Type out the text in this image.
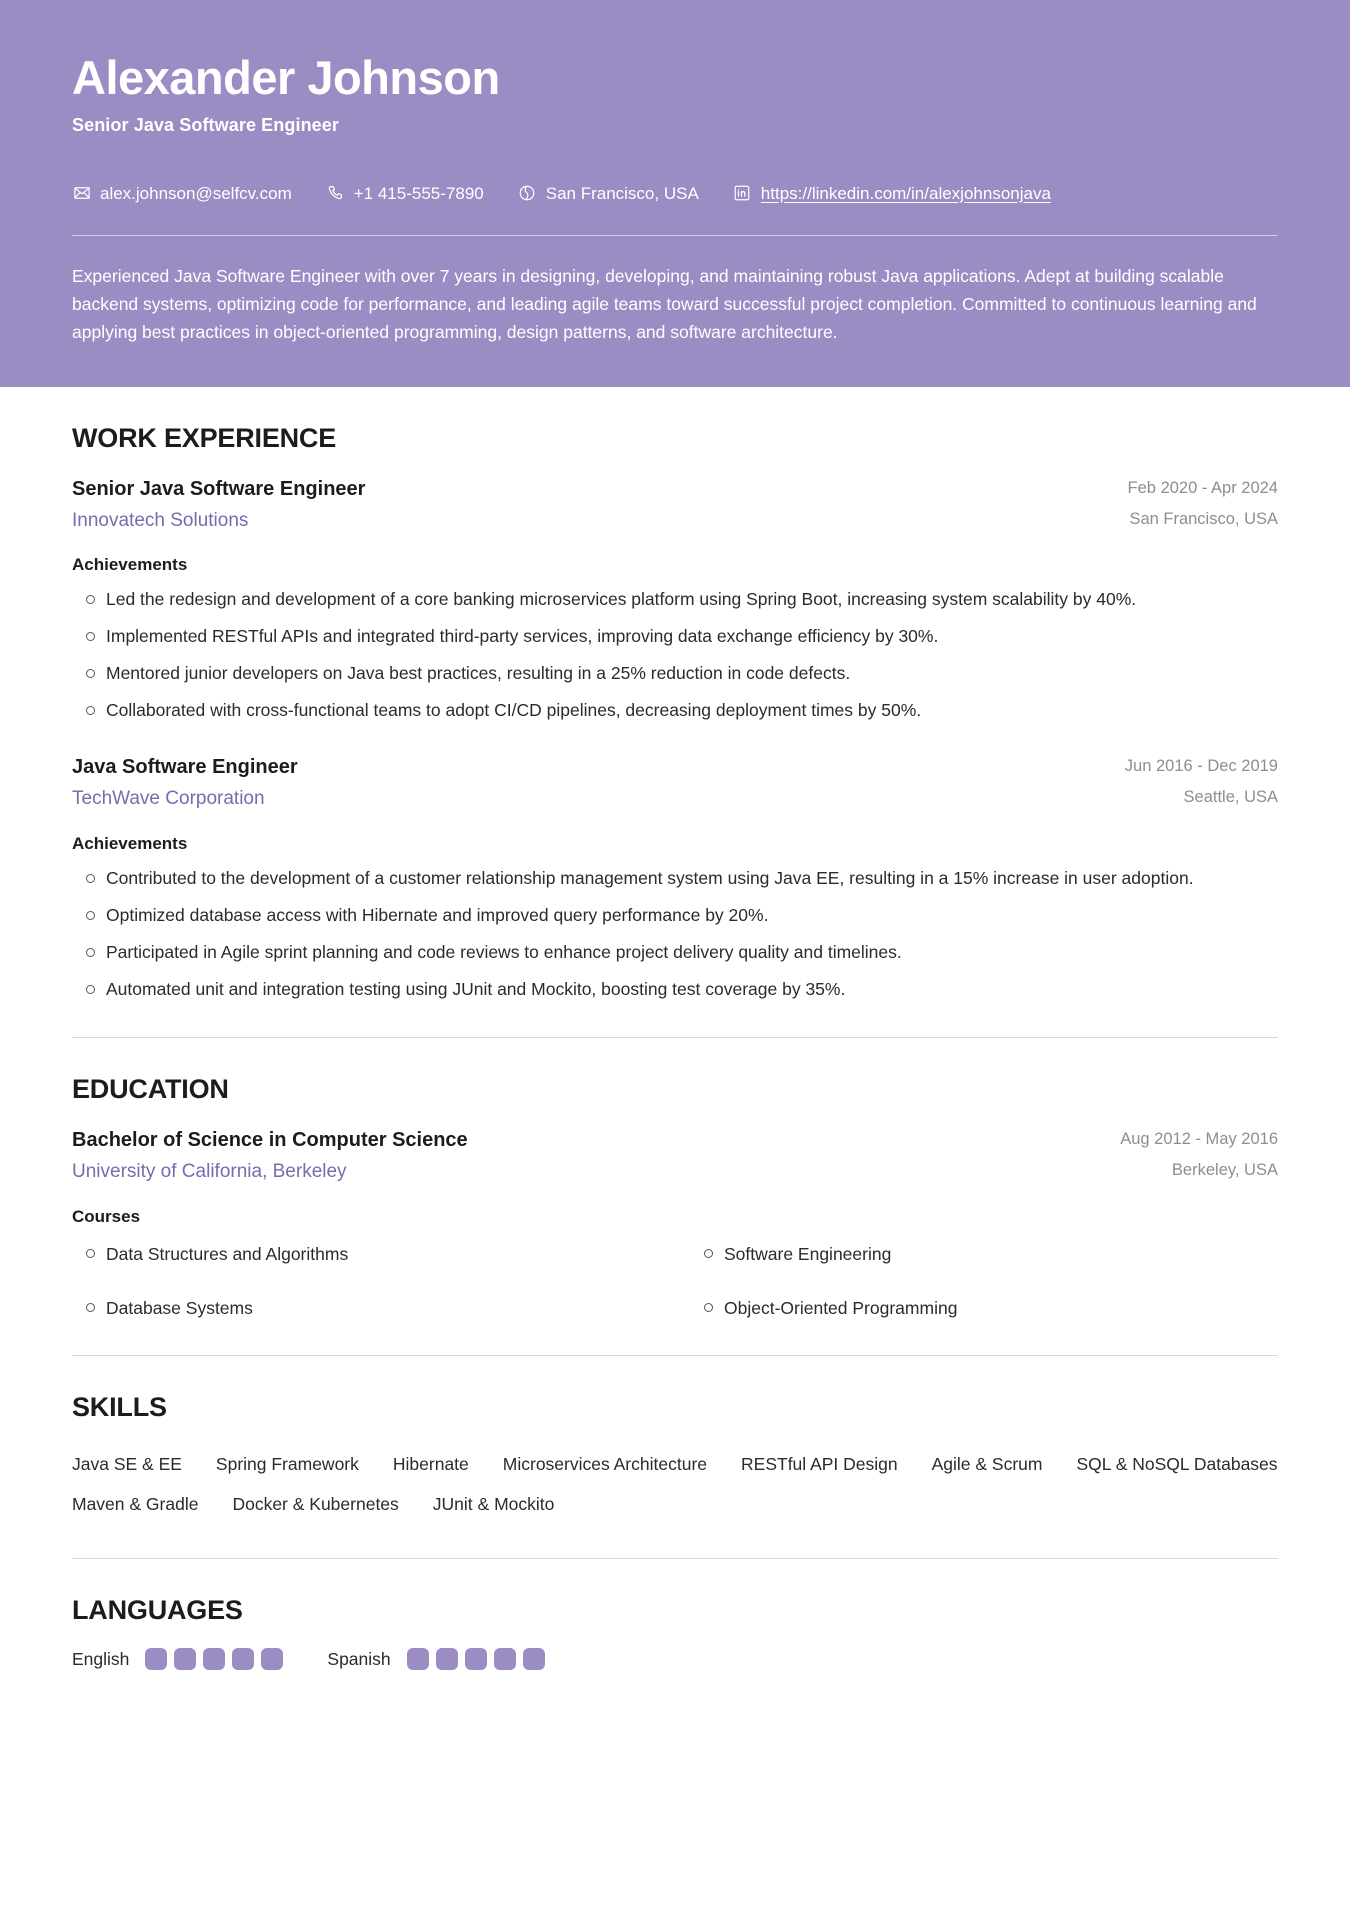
Alexander Johnson
Senior Java Software Engineer
alex.johnson@selfcv.com	+1 415-555-7890	San Francisco, USA	https://linkedin.com/in/alexjohnsonjava

Experienced Java Software Engineer with over 7 years in designing, developing, and maintaining robust Java applications. Adept at building scalable backend systems, optimizing code for performance, and leading agile teams toward successful project completion. Committed to continuous learning and applying best practices in object-oriented programming, design patterns, and software architecture.

WORK EXPERIENCE
Senior Java Software Engineer
Innovatech Solutions
Feb 2020 - Apr 2024
San Francisco, USA
Achievements
Led the redesign and development of a core banking microservices platform using Spring Boot, increasing system scalability by 40%.
Implemented RESTful APIs and integrated third-party services, improving data exchange efficiency by 30%.
Mentored junior developers on Java best practices, resulting in a 25% reduction in code defects.
Collaborated with cross-functional teams to adopt CI/CD pipelines, decreasing deployment times by 50%.
Java Software Engineer
TechWave Corporation
Jun 2016 - Dec 2019
Seattle, USA
Achievements
Contributed to the development of a customer relationship management system using Java EE, resulting in a 15% increase in user adoption.
Optimized database access with Hibernate and improved query performance by 20%.
Participated in Agile sprint planning and code reviews to enhance project delivery quality and timelines.
Automated unit and integration testing using JUnit and Mockito, boosting test coverage by 35%.
EDUCATION
Bachelor of Science in Computer Science
University of California, Berkeley
Aug 2012 - May 2016
Berkeley, USA
Courses
Data Structures and Algorithms	Software Engineering
Database Systems	Object-Oriented Programming
SKILLS
Java SE & EE Spring Framework Hibernate Microservices Architecture RESTful API Design Agile & Scrum SQL & NoSQL Databases
Maven & Gradle Docker & Kubernetes JUnit & Mockito
LANGUAGES
English	Spanish
